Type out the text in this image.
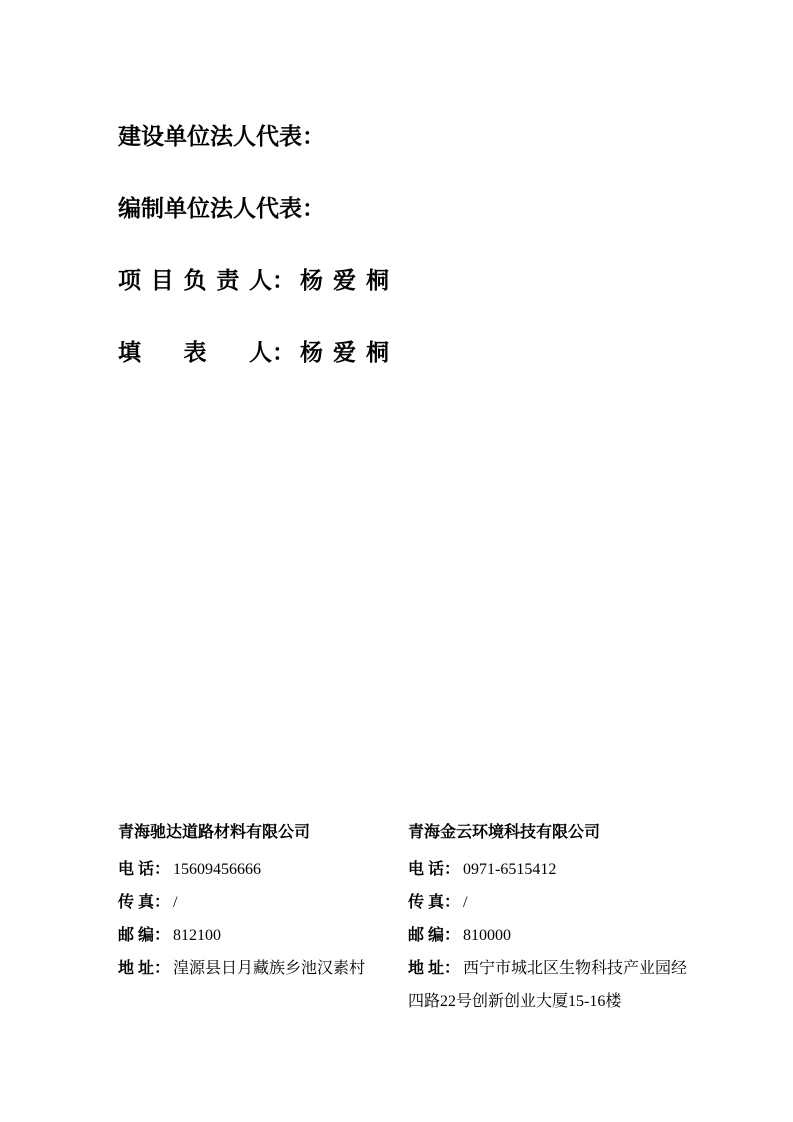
建设单位法人代表：

编制单位法人代表：

项目负责人： 杨爱桐

填表人： 杨爱桐

青海驰达道路材料有限公司

电 话： 15609456666

传 真： /

邮 编： 812100

地 址： 湟源县日月藏族乡池汉素村

青海金云环境科技有限公司

电 话： 0971-6515412

传 真： /

邮 编： 810000

地 址： 西宁市城北区生物科技产业园经四路22号创新创业大厦15-16楼
